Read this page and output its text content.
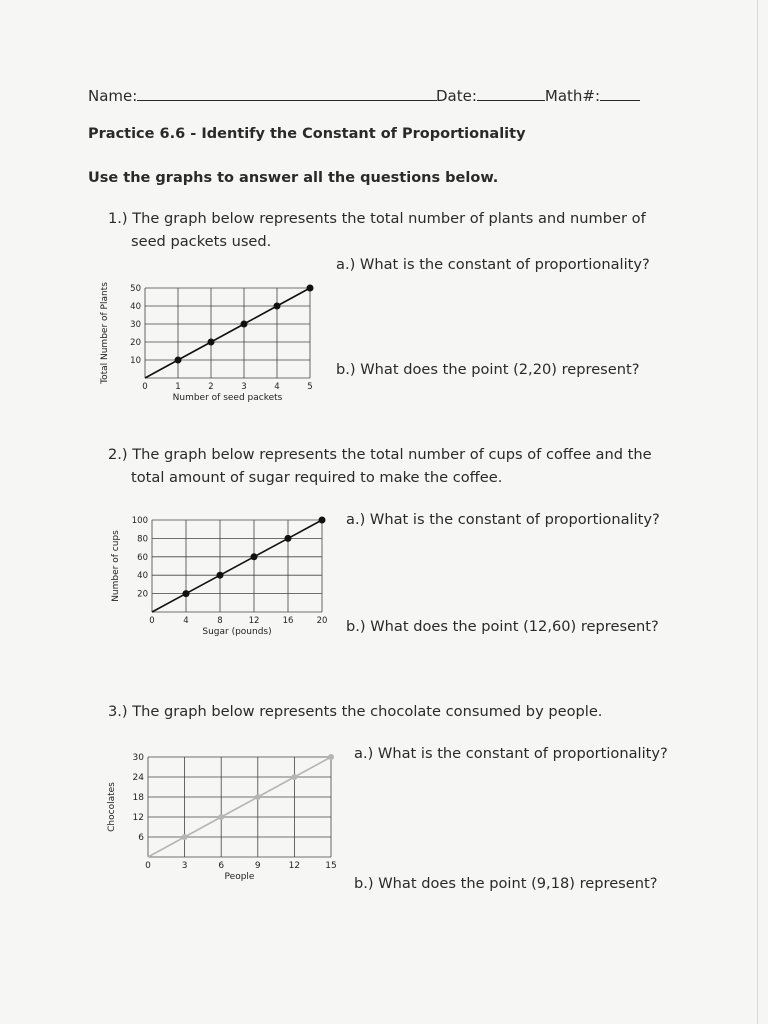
Name:	Date:	Math#:
Practice 6.6 - Identify the Constant of Proportionality
Use the graphs to answer all the questions below.
1.) The graph below represents the total number of plants and number of
seed packets used.
a.) What is the constant of proportionality?
b.) What does the point (2,20) represent?
0	1	2	3	4	5
10
20
30
40
50
Number of seed packets
Total Number of Plants
2.) The graph below represents the total number of cups of coffee and the
total amount of sugar required to make the coffee.
a.) What is the constant of proportionality?
b.) What does the point (12,60) represent?
0	4	8	12	16	20
20
40
60
80
100
Sugar (pounds)
Number of cups
3.) The graph below represents the chocolate consumed by people.
a.) What is the constant of proportionality?
b.) What does the point (9,18) represent?
0	3	6	9	12	15
6
12
18
24
30
People
Chocolates
